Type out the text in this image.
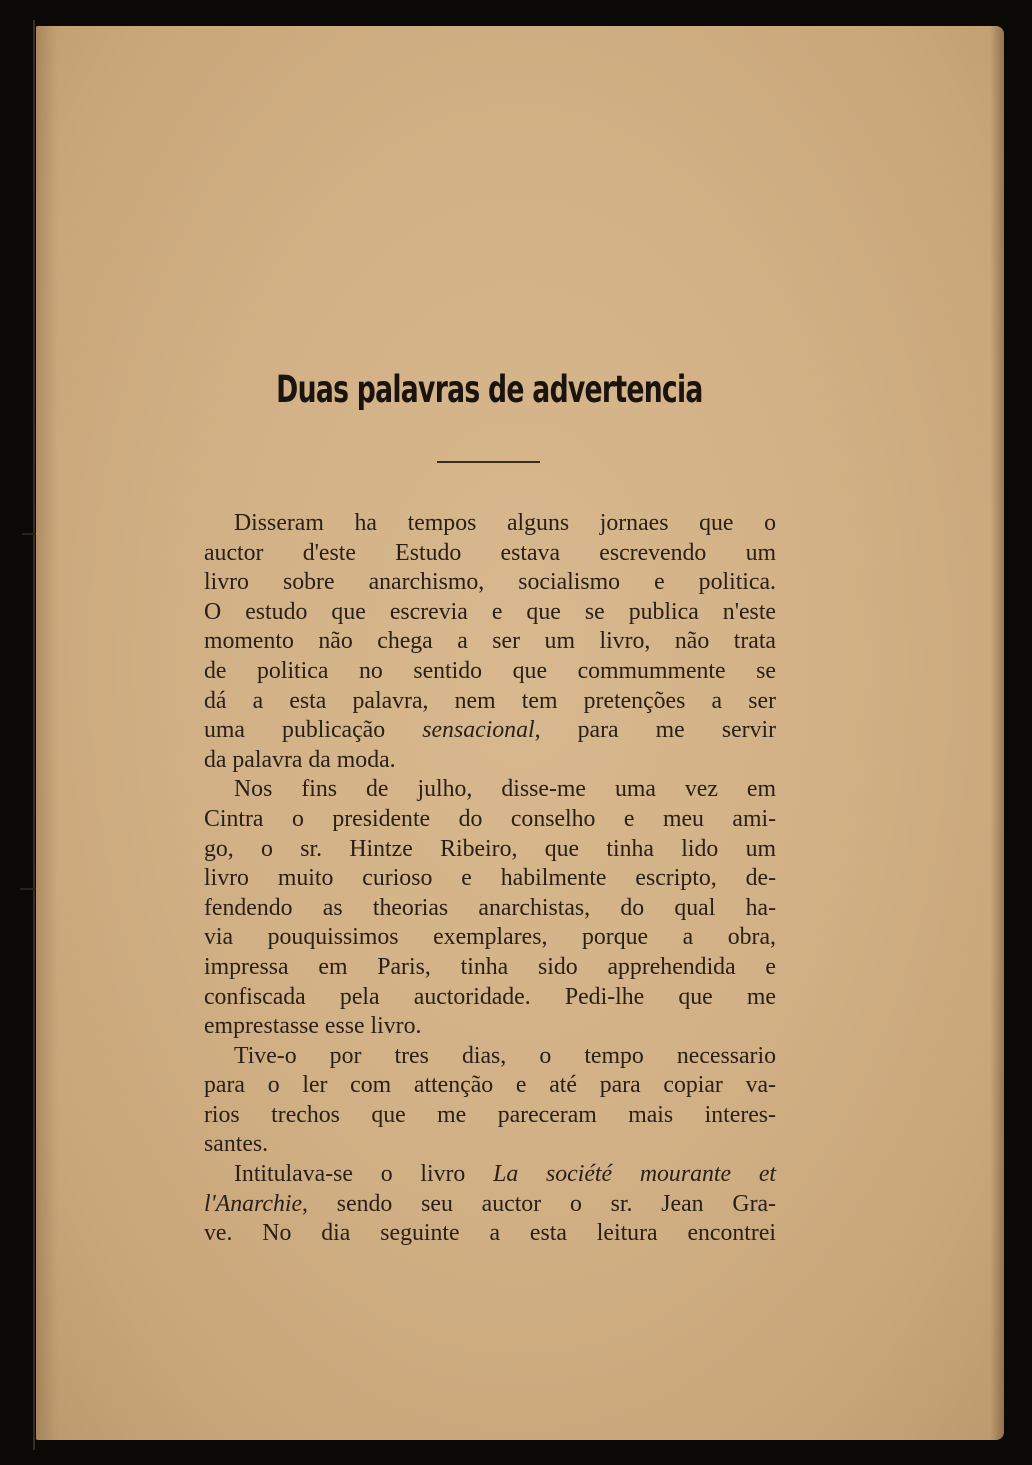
Duas palavras de advertencia
Disseram ha tempos alguns jornaes que o
auctor d'este Estudo estava escrevendo um
livro sobre anarchismo, socialismo e politica.
O estudo que escrevia e que se publica n'este
momento não chega a ser um livro, não trata
de politica no sentido que commummente se
dá a esta palavra, nem tem pretenções a ser
uma publicação sensacional, para me servir
da palavra da moda.
Nos fins de julho, disse-me uma vez em
Cintra o presidente do conselho e meu ami-
go, o sr. Hintze Ribeiro, que tinha lido um
livro muito curioso e habilmente escripto, de-
fendendo as theorias anarchistas, do qual ha-
via pouquissimos exemplares, porque a obra,
impressa em Paris, tinha sido apprehendida e
confiscada pela auctoridade. Pedi-lhe que me
emprestasse esse livro.
Tive-o por tres dias, o tempo necessario
para o ler com attenção e até para copiar va-
rios trechos que me pareceram mais interes-
santes.
Intitulava-se o livro La société mourante et
l'Anarchie, sendo seu auctor o sr. Jean Gra-
ve. No dia seguinte a esta leitura encontrei
